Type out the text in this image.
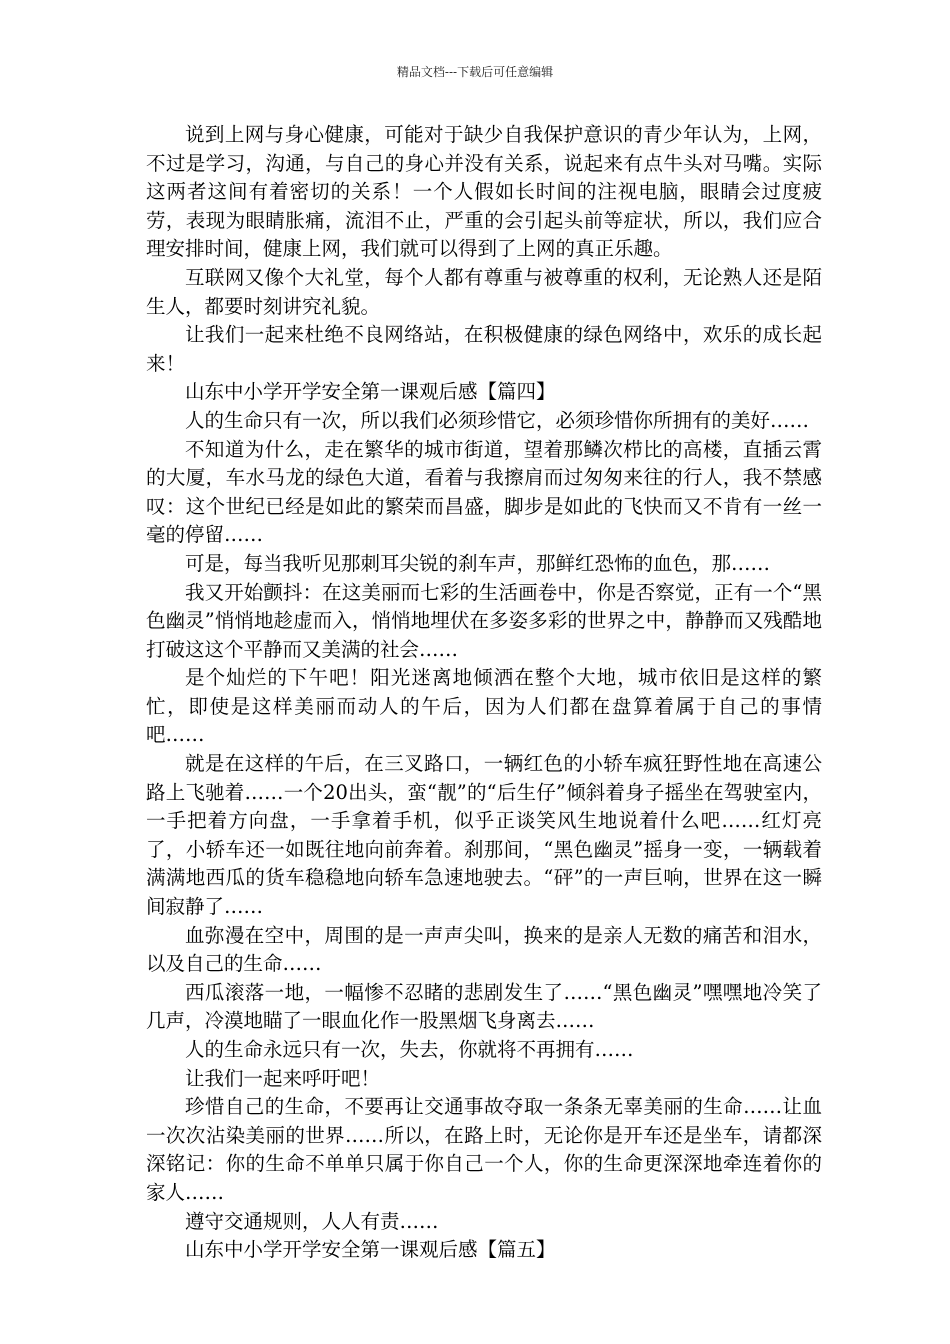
精品文档---下载后可任意编辑

说到上网与身心健康，可能对于缺少自我保护意识的青少年认为，上网，不过是学习，沟通，与自己的身心并没有关系，说起来有点牛头对马嘴。实际这两者这间有着密切的关系！一个人假如长时间的注视电脑，眼睛会过度疲劳，表现为眼睛胀痛，流泪不止，严重的会引起头前等症状，所以，我们应合理安排时间，健康上网，我们就可以得到了上网的真正乐趣。

互联网又像个大礼堂，每个人都有尊重与被尊重的权利，无论熟人还是陌生人，都要时刻讲究礼貌。

让我们一起来杜绝不良网络站，在积极健康的绿色网络中，欢乐的成长起来！

山东中小学开学安全第一课观后感【篇四】

人的生命只有一次，所以我们必须珍惜它，必须珍惜你所拥有的美好……

不知道为什么，走在繁华的城市街道，望着那鳞次栉比的高楼，直插云霄的大厦，车水马龙的绿色大道，看着与我擦肩而过匆匆来往的行人，我不禁感叹：这个世纪已经是如此的繁荣而昌盛，脚步是如此的飞快而又不肯有一丝一毫的停留……

可是，每当我听见那刺耳尖锐的刹车声，那鲜红恐怖的血色，那……

我又开始颤抖：在这美丽而七彩的生活画卷中，你是否察觉，正有一个“黑色幽灵”悄悄地趁虚而入，悄悄地埋伏在多姿多彩的世界之中，静静而又残酷地打破这这个平静而又美满的社会……

是个灿烂的下午吧！阳光迷离地倾洒在整个大地，城市依旧是这样的繁忙，即使是这样美丽而动人的午后，因为人们都在盘算着属于自己的事情吧……

就是在这样的午后，在三叉路口，一辆红色的小轿车疯狂野性地在高速公路上飞驰着……一个20出头，蛮“靓”的“后生仔”倾斜着身子摇坐在驾驶室内，一手把着方向盘，一手拿着手机，似乎正谈笑风生地说着什么吧……红灯亮了，小轿车还一如既往地向前奔着。刹那间，“黑色幽灵”摇身一变，一辆载着满满地西瓜的货车稳稳地向轿车急速地驶去。“砰”的一声巨响，世界在这一瞬间寂静了……

血弥漫在空中，周围的是一声声尖叫，换来的是亲人无数的痛苦和泪水，以及自己的生命……

西瓜滚落一地，一幅惨不忍睹的悲剧发生了……“黑色幽灵”嘿嘿地冷笑了几声，冷漠地瞄了一眼血化作一股黑烟飞身离去……

人的生命永远只有一次，失去，你就将不再拥有……

让我们一起来呼吁吧！

珍惜自己的生命，不要再让交通事故夺取一条条无辜美丽的生命……让血一次次沾染美丽的世界……所以，在路上时，无论你是开车还是坐车，请都深深铭记：你的生命不单单只属于你自己一个人，你的生命更深深地牵连着你的家人……

遵守交通规则，人人有责……

山东中小学开学安全第一课观后感【篇五】
